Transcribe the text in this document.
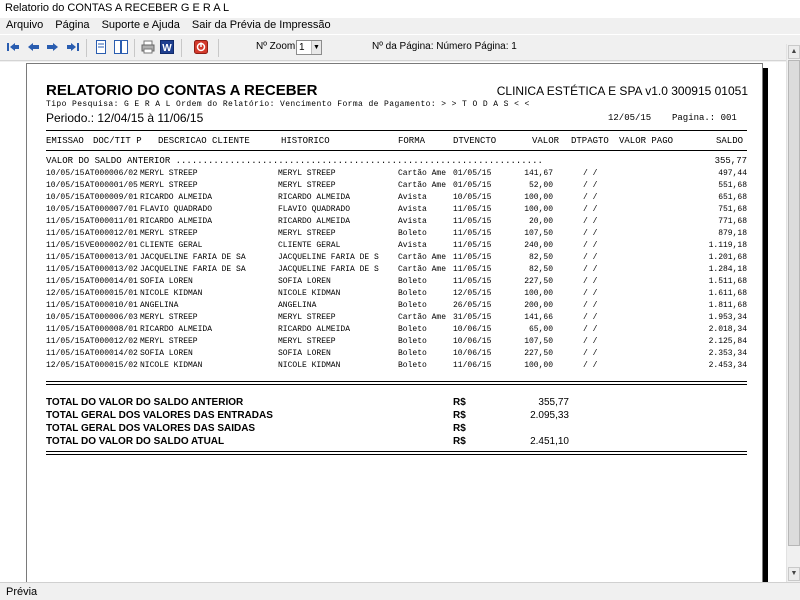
Relatorio do CONTAS A RECEBER G E R A L
Arquivo	Página	Suporte e Ajuda	Sair da Prévia de Impressão
W	Nº Zoom 1 ▼	Nº da Página: Número Página: 1
RELATORIO DO CONTAS A RECEBER	CLINICA ESTÉTICA E SPA v1.0 300915 01051
Tipo Pesquisa: G E R A L Ordem do Relatório: Vencimento Forma de Pagamento: > > T O D A S < <
Periodo.: 12/04/15 à 11/06/15	12/05/15 Pagina.: 001
EMISSAO DOC/TIT P DESCRICAO CLIENTE	HISTORICO	FORMA	DTVENCTO	VALOR DTPAGTO VALOR PAGO	SALDO
VALOR DO SALDO ANTERIOR ....................................................................	355,77
10/05/15 AT000006/02 MERYL STREEP	MERYL STREEP	Cartão Ame 01/05/15	141,67	/ /	497,44
10/05/15 AT000001/05 MERYL STREEP	MERYL STREEP	Cartão Ame 01/05/15	52,00	/ /	551,68
10/05/15 AT000009/01 RICARDO ALMEIDA	RICARDO ALMEIDA	Avista	10/05/15	100,00	/ /	651,68
10/05/15 AT000007/01 FLÁVIO QUADRADO	FLÁVIO QUADRADO	Avista	11/05/15	100,00	/ /	751,68
11/05/15 AT000011/01 RICARDO ALMEIDA	RICARDO ALMEIDA	Avista	11/05/15	20,00	/ /	771,68
11/05/15 AT000012/01 MERYL STREEP	MERYL STREEP	Boleto	11/05/15	107,50	/ /	879,18
11/05/15 VE000002/01 CLIENTE GERAL	CLIENTE GERAL	Avista	11/05/15	240,00	/ /	1.119,18
11/05/15 AT000013/01 JACQUELINE FARIA DE SA	JACQUELINE FARIA DE S	Cartão Ame 11/05/15	82,50	/ /	1.201,68
11/05/15 AT000013/02 JACQUELINE FARIA DE SA	JACQUELINE FARIA DE S	Cartão Ame 11/05/15	82,50	/ /	1.284,18
11/05/15 AT000014/01 SOFIA LOREN	SOFIA LOREN	Boleto	11/05/15	227,50	/ /	1.511,68
12/05/15 AT000015/01 NICOLE KIDMAN	NICOLE KIDMAN	Boleto	12/05/15	100,00	/ /	1.611,68
11/05/15 AT000010/01 ANGELINA	ANGELINA	Boleto	26/05/15	200,00	/ /	1.811,68
10/05/15 AT000006/03 MERYL STREEP	MERYL STREEP	Cartão Ame 31/05/15	141,66	/ /	1.953,34
11/05/15 AT000008/01 RICARDO ALMEIDA	RICARDO ALMEIDA	Boleto	10/06/15	65,00	/ /	2.018,34
11/05/15 AT000012/02 MERYL STREEP	MERYL STREEP	Boleto	10/06/15	107,50	/ /	2.125,84
11/05/15 AT000014/02 SOFIA LOREN	SOFIA LOREN	Boleto	10/06/15	227,50	/ /	2.353,34
12/05/15 AT000015/02 NICOLE KIDMAN	NICOLE KIDMAN	Boleto	11/06/15	100,00	/ /	2.453,34
TOTAL DO VALOR DO SALDO ANTERIOR	R$	355,77
TOTAL GERAL DOS VALORES DAS ENTRADAS	R$	2.095,33
TOTAL GERAL DOS VALORES DAS SAIDAS	R$
TOTAL DO VALOR DO SALDO ATUAL	R$	2.451,10
▲
▼
Prévia
